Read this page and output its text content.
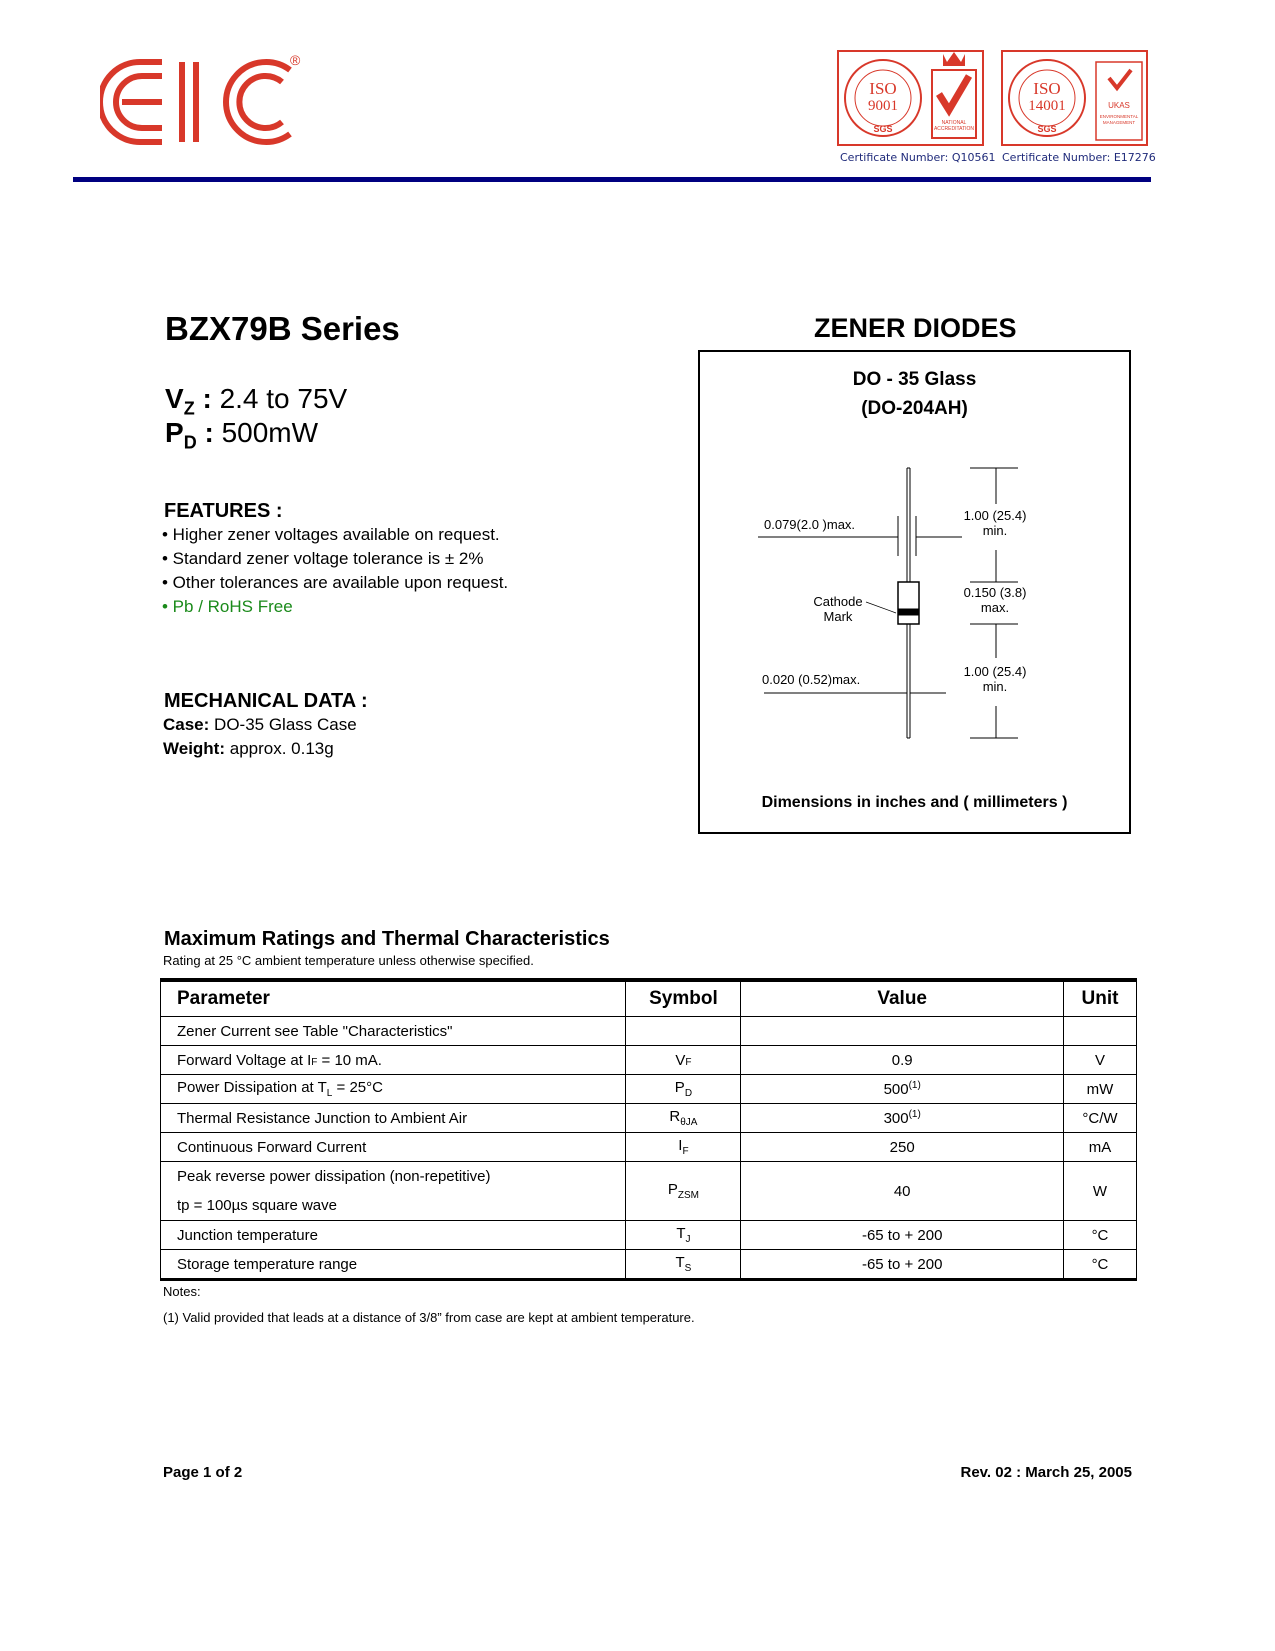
®
ISO
9001
SGS
NATIONAL
ACCREDITATION
Certificate Number: Q10561
ISO
14001
SGS
UKAS
ENVIRONMENTAL
MANAGEMENT
Certificate Number: E17276
BZX79B Series	ZENER DIODES
$V_Z$ : 2.4 to 75V
$P_D$ : 500mW
FEATURES :
• Higher zener voltages available on request.
• Standard zener voltage tolerance is ± 2%
• Other tolerances are available upon request.
• Pb / RoHS Free
MECHANICAL DATA :
Case: DO-35 Glass Case
Weight: approx. 0.13g
DO - 35 Glass
(DO-204AH)
0.079(2.0 )max.
1.00 (25.4)
min.
0.150 (3.8)
max.
Cathode
Mark
0.020 (0.52)max.
1.00 (25.4)
min.
Dimensions in inches and ( millimeters )
Maximum Ratings and Thermal Characteristics
Rating at 25 °C ambient temperature unless otherwise specified.
Parameter	Symbol	Value	Unit
Zener Current see Table "Characteristics"			
Forward Voltage at IF = 10 mA.	VF	0.9	V
Power Dissipation at $T_L = 25^\circ C$	$P_D$	500$^{(1)}$	mW
Thermal Resistance Junction to Ambient Air	$R_{\theta JA}$	300$^{(1)}$	°C/W
Continuous Forward Current	$I_F$	250	mA

Peak reverse power dissipation (non-repetitive)
tp = 100µs square wave	$P_{ZSM}$	40	W
Junction temperature	$T_J$	-65 to + 200	°C
Storage temperature range	$T_S$	-65 to + 200	°C
Notes:
(1) Valid provided that leads at a distance of 3/8” from case are kept at ambient temperature.
Page 1 of 2	Rev. 02 : March 25, 2005
